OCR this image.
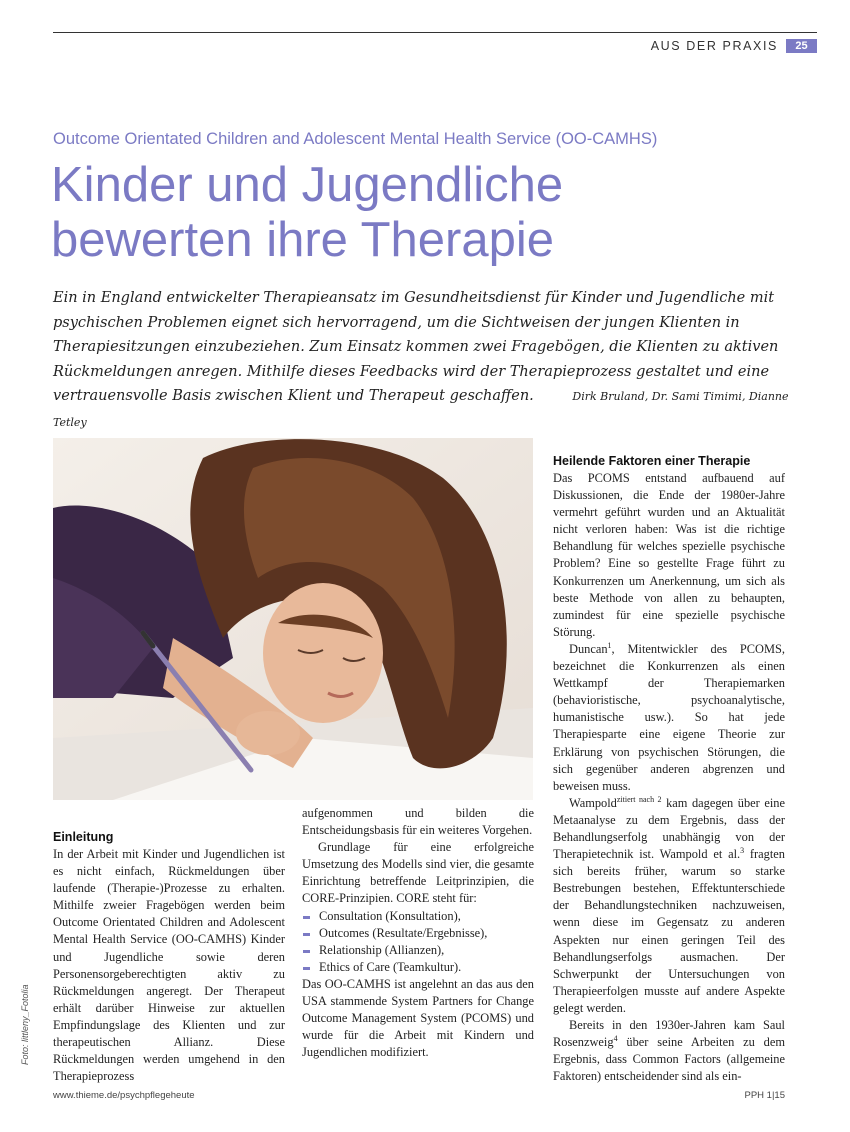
AUS DER PRAXIS	25
Outcome Orientated Children and Adolescent Mental Health Service (OO-CAMHS)
Kinder und Jugendliche
bewerten ihre Therapie

Ein in England entwickelter Therapieansatz im Gesundheitsdienst für Kinder und Jugendliche mit psychischen Problemen eignet sich hervorragend, um die Sichtweisen der jungen Klienten in Therapiesitzungen einzubeziehen. Zum Einsatz kommen zwei Fragebögen, die Klienten zu aktiven Rückmeldungen anregen. Mithilfe dieses Feedbacks wird der Therapieprozess gestaltet und eine vertrauensvolle Basis zwischen Klient und Therapeut geschaffen.	Dirk Bruland, Dr. Sami Timimi, Dianne Tetley

Foto: littleny_Fotolia
Einleitung

In der Arbeit mit Kinder und Jugendlichen ist es nicht einfach, Rückmeldungen über laufende (Therapie-)Prozesse zu erhalten. Mithilfe zweier Fragebögen werden beim Outcome Orientated Children and Adolescent Mental Health Service (OO-CAMHS) Kinder und Jugendliche sowie deren Personensorgeberechtigten aktiv zu Rückmeldungen angeregt. Der Therapeut erhält darüber Hinweise zur aktuellen Empfindungslage des Klienten und zur therapeutischen Allianz. Diese Rückmeldungen werden umgehend in den Therapieprozess

aufgenommen und bilden die Entscheidungsbasis für ein weiteres Vorgehen.

Grundlage für eine erfolgreiche Umsetzung des Modells sind vier, die gesamte Einrichtung betreffende Leitprinzipien, die CORE-Prinzipien. CORE steht für:

Consultation (Konsultation),
Outcomes (Resultate/Ergebnisse),
Relationship (Allianzen),
Ethics of Care (Teamkultur).

Das OO-CAMHS ist angelehnt an das aus den USA stammende System Partners for Change Outcome Management System (PCOMS) und wurde für die Arbeit mit Kindern und Jugendlichen modifiziert.

Heilende Faktoren einer Therapie

Das PCOMS entstand aufbauend auf Diskussionen, die Ende der 1980er-Jahre vermehrt geführt wurden und an Aktualität nicht verloren haben: Was ist die richtige Behandlung für welches spezielle psychische Problem? Eine so gestellte Frage führt zu Konkurrenzen um Anerkennung, um sich als beste Methode von allen zu behaupten, zumindest für eine spezielle psychische Störung.

Duncan$^1$, Mitentwickler des PCOMS, bezeichnet die Konkurrenzen als einen Wettkampf der Therapiemarken (behavioristische, psychoanalytische, humanistische usw.). So hat jede Therapiesparte eine eigene Theorie zur Erklärung von psychischen Störungen, die sich gegenüber anderen abgrenzen und beweisen muss.

Wampold$^{zitiert nach 2}$ kam dagegen über eine Metaanalyse zu dem Ergebnis, dass der Behandlungserfolg unabhängig von der Therapietechnik ist. Wampold et al.$^3$ fragten sich bereits früher, warum so starke Bestrebungen bestehen, Effektunterschiede der Behandlungstechniken nachzuweisen, wenn diese im Gegensatz zu anderen Aspekten nur einen geringen Teil des Behandlungserfolgs ausmachen. Der Schwerpunkt der Untersuchungen von Therapieerfolgen musste auf andere Aspekte gelegt werden.

Bereits in den 1930er-Jahren kam Saul Rosenzweig$^4$ über seine Arbeiten zu dem Ergebnis, dass Common Factors (allgemeine Faktoren) entscheidender sind als ein-

www.thieme.de/psychpflegeheute	PPH 1|15
